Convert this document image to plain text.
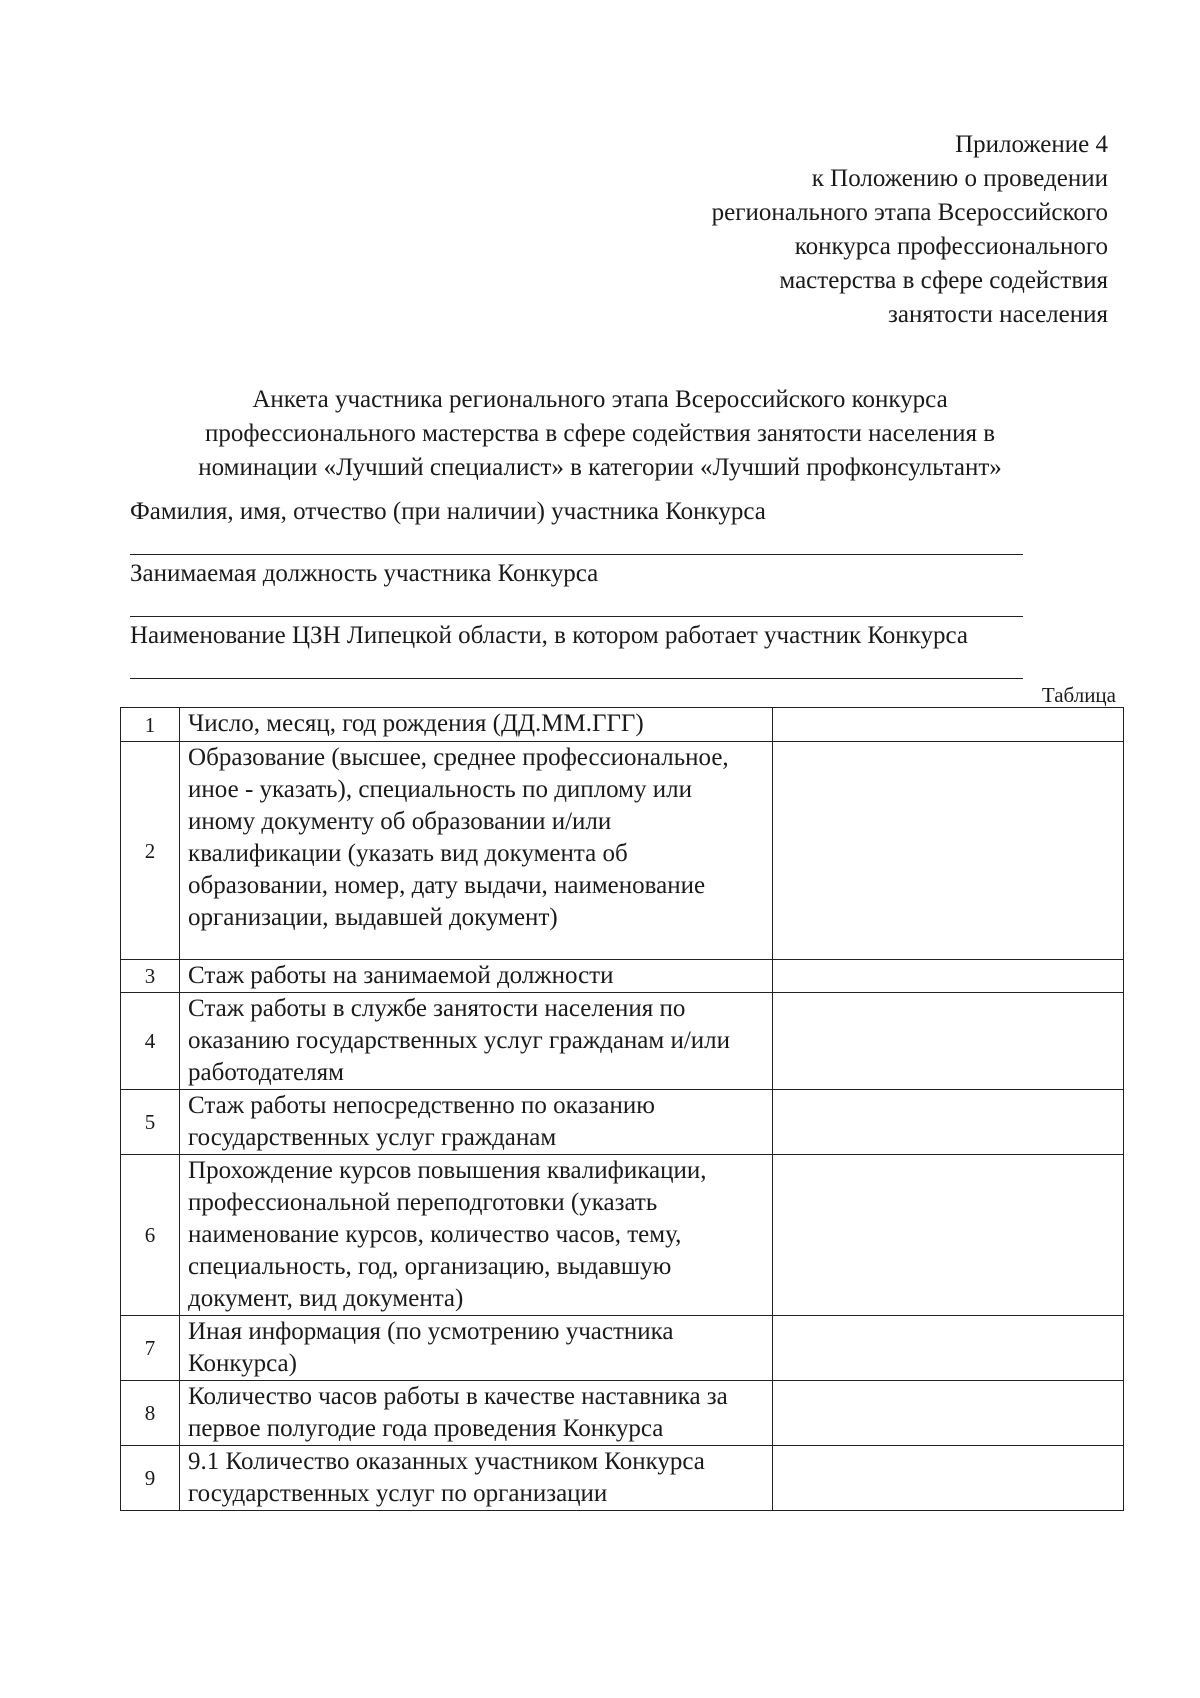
Приложение 4
к Положению о проведении
регионального этапа Всероссийского
конкурса профессионального
мастерства в сфере содействия
занятости населения
Анкета участника регионального этапа Всероссийского конкурса
профессионального мастерства в сфере содействия занятости населения в
номинации «Лучший специалист» в категории «Лучший профконсультант»
Фамилия, имя, отчество (при наличии) участника Конкурса
Занимаемая должность участника Конкурса
Наименование ЦЗН Липецкой области, в котором работает участник Конкурса
Таблица
1	Число, месяц, год рождения (ДД.ММ.ГГГ)	
2	Образование (высшее, среднее профессиональное, иное - указать), специальность по диплому или иному документу об образовании и/или квалификации (указать вид документа об образовании, номер, дату выдачи, наименование организации, выдавшей документ)	
3	Стаж работы на занимаемой должности	
4	Стаж работы в службе занятости населения по оказанию государственных услуг гражданам и/или работодателям	
5	Стаж работы непосредственно по оказанию государственных услуг гражданам	
6	Прохождение курсов повышения квалификации, профессиональной переподготовки (указать наименование курсов, количество часов, тему, специальность, год, организацию, выдавшую документ, вид документа)	
7	Иная информация (по усмотрению участника Конкурса)	
8	Количество часов работы в качестве наставника за первое полугодие года проведения Конкурса	
9	9.1 Количество оказанных участником Конкурса государственных услуг по организации	
